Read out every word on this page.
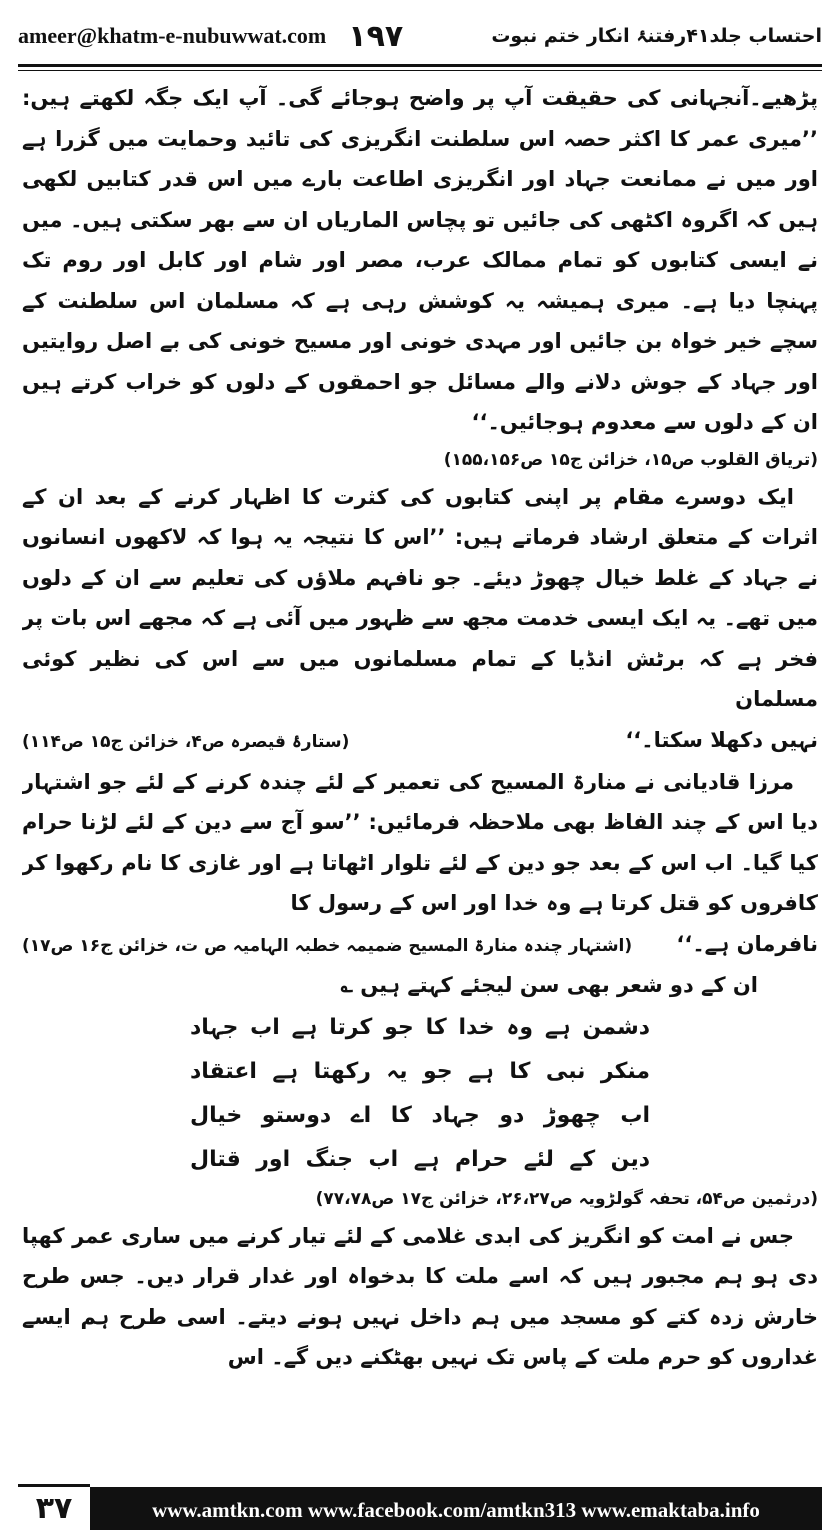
ameer@khatm-e-nubuwwat.com ۱۹۷	احتساب جلد۴۱رفتنۂ انکار ختم نبوت

پڑھیے۔آنجہانی کی حقیقت آپ پر واضح ہوجائے گی۔ آپ ایک جگہ لکھتے ہیں: ’’میری عمر کا اکثر حصہ اس سلطنت انگریزی کی تائید وحمایت میں گزرا ہے اور میں نے ممانعت جہاد اور انگریزی اطاعت بارے میں اس قدر کتابیں لکھی ہیں کہ اگروہ اکٹھی کی جائیں تو پچاس الماریاں ان سے بھر سکتی ہیں۔ میں نے ایسی کتابوں کو تمام ممالک عرب، مصر اور شام اور کابل اور روم تک پہنچا دیا ہے۔ میری ہمیشہ یہ کوشش رہی ہے کہ مسلمان اس سلطنت کے سچے خیر خواہ بن جائیں اور مہدی خونی اور مسیح خونی کی بے اصل روایتیں اور جہاد کے جوش دلانے والے مسائل جو احمقوں کے دلوں کو خراب کرتے ہیں ان کے دلوں سے معدوم ہوجائیں۔‘‘

(تریاق القلوب ص۱۵، خزائن ج۱۵ ص۱۵۵،۱۵۶)

ایک دوسرے مقام پر اپنی کتابوں کی کثرت کا اظہار کرنے کے بعد ان کے اثرات کے متعلق ارشاد فرماتے ہیں: ’’اس کا نتیجہ یہ ہوا کہ لاکھوں انسانوں نے جہاد کے غلط خیال چھوڑ دیئے۔ جو نافہم ملاؤں کی تعلیم سے ان کے دلوں میں تھے۔ یہ ایک ایسی خدمت مجھ سے ظہور میں آئی ہے کہ مجھے اس بات پر فخر ہے کہ برٹش انڈیا کے تمام مسلمانوں میں سے اس کی نظیر کوئی مسلمان

نہیں دکھلا سکتا۔‘‘
(ستارۂ قیصرہ ص۴، خزائن ج۱۵ ص۱۱۴)

مرزا قادیانی نے منارۃ المسیح کی تعمیر کے لئے چندہ کرنے کے لئے جو اشتہار دیا اس کے چند الفاظ بھی ملاحظہ فرمائیں: ’’سو آج سے دین کے لئے لڑنا حرام کیا گیا۔ اب اس کے بعد جو دین کے لئے تلوار اٹھاتا ہے اور غازی کا نام رکھوا کر کافروں کو قتل کرتا ہے وہ خدا اور اس کے رسول کا

نافرمان ہے۔‘‘
(اشتہار چندہ منارۃ المسیح ضمیمہ خطبہ الہامیہ ص ت، خزائن ج۱۶ ص۱۷)

ان کے دو شعر بھی سن لیجئے کہتے ہیں ؎

دشمن ہے وہ خدا کا جو کرتا ہے اب جہاد

منکر نبی کا ہے جو یہ رکھتا ہے اعتقاد

اب چھوڑ دو جہاد کا اے دوستو خیال

دین کے لئے حرام ہے اب جنگ اور قتال

(درثمین ص۵۴، تحفہ گولڑویہ ص۲۶،۲۷، خزائن ج۱۷ ص۷۷،۷۸)

جس نے امت کو انگریز کی ابدی غلامی کے لئے تیار کرنے میں ساری عمر کھپا دی ہو ہم مجبور ہیں کہ اسے ملت کا بدخواہ اور غدار قرار دیں۔ جس طرح خارش زدہ کتے کو مسجد میں ہم داخل نہیں ہونے دیتے۔ اسی طرح ہم ایسے غداروں کو حرم ملت کے پاس تک نہیں بھٹکنے دیں گے۔ اس

۳۷	www.amtkn.com www.facebook.com/amtkn313 www.emaktaba.info
